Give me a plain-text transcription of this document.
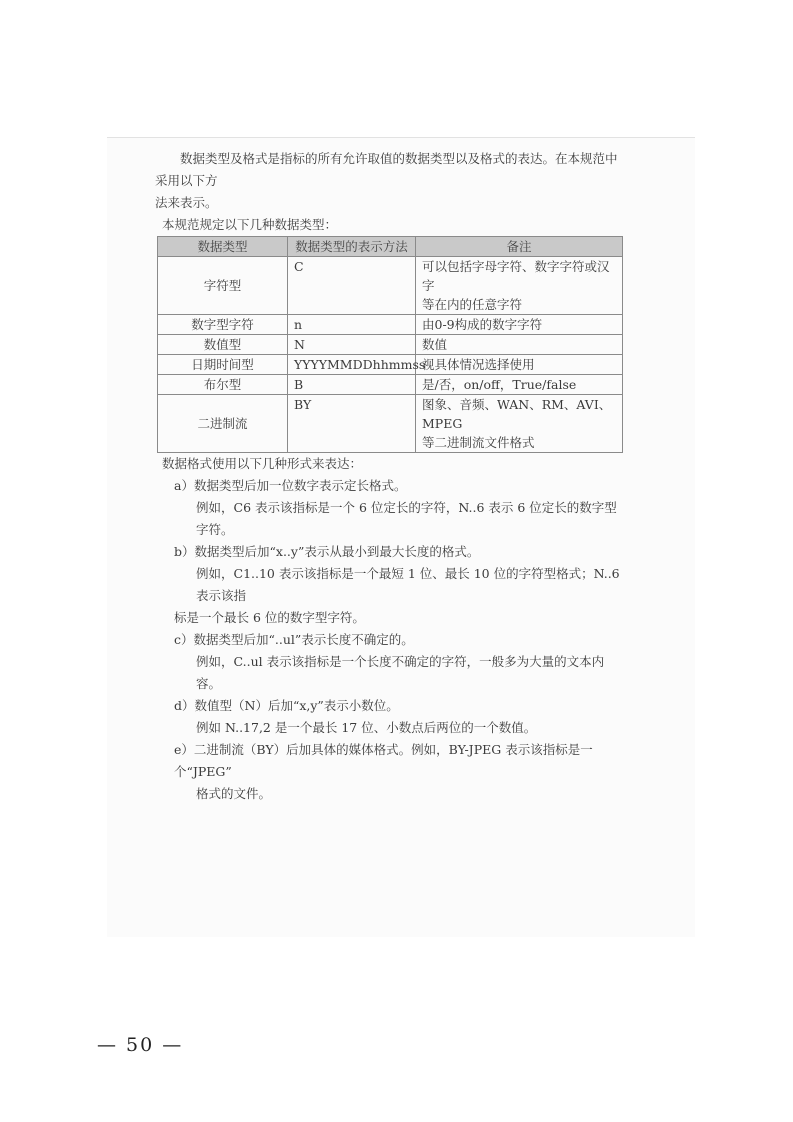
数据类型及格式是指标的所有允许取值的数据类型以及格式的表达。在本规范中采用以下方

法来表示。

本规范规定以下几种数据类型：

数据类型	数据类型的表示方法	备注
字符型	C	可以包括字母字符、数字字符或汉字
等在内的任意字符
数字型字符	n	由0-9构成的数字字符
数值型	N	数值
日期时间型	YYYYMMDDhhmmss	视具体情况选择使用
布尔型	B	是/否，on/off，True/false
二进制流	BY	图象、音频、WAN、RM、AVI、MPEG
等二进制流文件格式

数据格式使用以下几种形式来表达：

a）数据类型后加一位数字表示定长格式。

例如，C6 表示该指标是一个 6 位定长的字符，N..6 表示 6 位定长的数字型字符。

b）数据类型后加“x..y”表示从最小到最大长度的格式。

例如，C1..10 表示该指标是一个最短 1 位、最长 10 位的字符型格式；N..6 表示该指

标是一个最长 6 位的数字型字符。

c）数据类型后加“..ul”表示长度不确定的。

例如，C..ul 表示该指标是一个长度不确定的字符，一般多为大量的文本内容。

d）数值型（N）后加“x,y”表示小数位。

例如 N..17,2 是一个最长 17 位、小数点后两位的一个数值。

e）二进制流（BY）后加具体的媒体格式。例如，BY-JPEG 表示该指标是一个“JPEG”

格式的文件。

— 50 —
